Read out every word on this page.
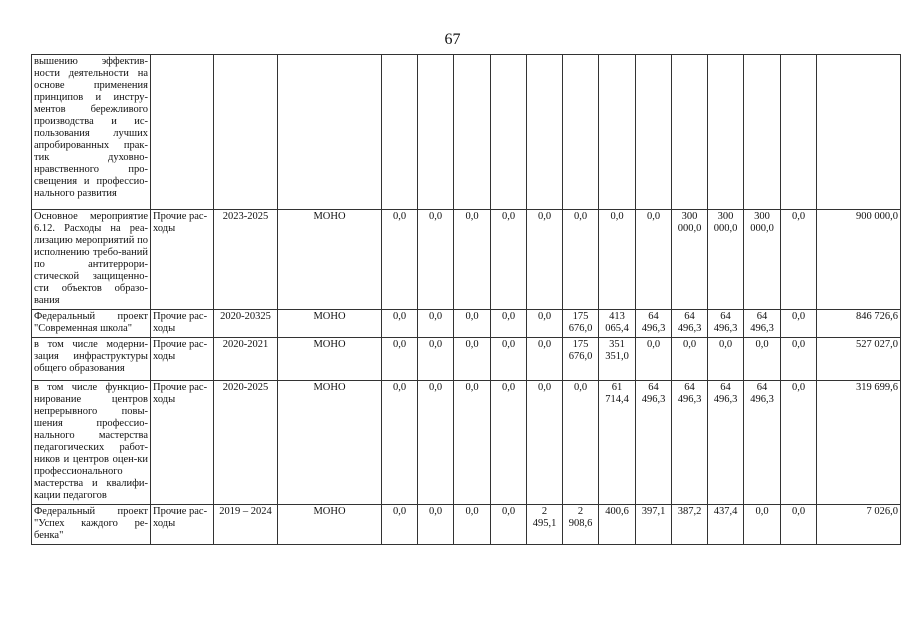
67
вышению эффектив-ности деятельности на основе применения принципов и инстру-ментов бережливого производства и ис-пользования лучших апробированных прак-тик духовно-нравственного про-свещения и профессио-нального развития																
Основное мероприятие 6.12. Расходы на реа-лизацию мероприятий по исполнению требо-ваний по антитеррори-стической защищенно-сти объектов образо-вания	Прочие рас-ходы	2023-2025	МОНО	0,0	0,0	0,0	0,0	0,0	0,0	0,0	0,0	300 000,0	300 000,0	300 000,0	0,0	900 000,0
Федеральный проект "Современная школа"	Прочие рас-ходы	2020-20325	МОНО	0,0	0,0	0,0	0,0	0,0	175 676,0	413 065,4	64 496,3	64 496,3	64 496,3	64 496,3	0,0	846 726,6
в том числе модерни-зация инфраструктуры общего образования	Прочие рас-ходы	2020-2021	МОНО	0,0	0,0	0,0	0,0	0,0	175 676,0	351 351,0	0,0	0,0	0,0	0,0	0,0	527 027,0
в том числе функцио-нирование центров непрерывного повы-шения профессио-нального мастерства педагогических работ-ников и центров оцен-ки профессионального мастерства и квалифи-кации педагогов	Прочие рас-ходы	2020-2025	МОНО	0,0	0,0	0,0	0,0	0,0	0,0	61 714,4	64 496,3	64 496,3	64 496,3	64 496,3	0,0	319 699,6
Федеральный проект "Успех каждого ре-бенка"	Прочие рас-ходы	2019 – 2024	МОНО	0,0	0,0	0,0	0,0	2 495,1	2 908,6	400,6	397,1	387,2	437,4	0,0	0,0	7 026,0
